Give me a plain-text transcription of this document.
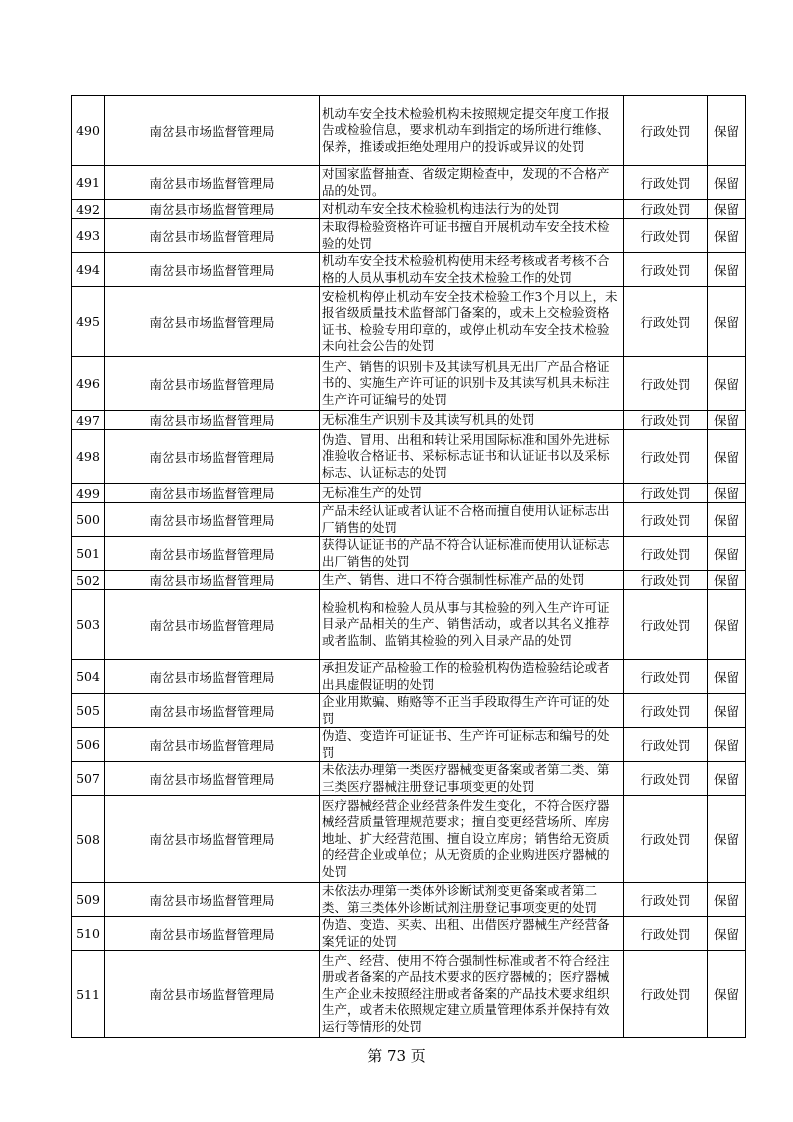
490	南岔县市场监督管理局	机动车安全技术检验机构未按照规定提交年度工作报告或检验信息，要求机动车到指定的场所进行维修、保养，推诿或拒绝处理用户的投诉或异议的处罚	行政处罚	保留
491	南岔县市场监督管理局	对国家监督抽查、省级定期检查中，发现的不合格产品的处罚。	行政处罚	保留
492	南岔县市场监督管理局	对机动车安全技术检验机构违法行为的处罚	行政处罚	保留
493	南岔县市场监督管理局	未取得检验资格许可证书擅自开展机动车安全技术检验的处罚	行政处罚	保留
494	南岔县市场监督管理局	机动车安全技术检验机构使用未经考核或者考核不合格的人员从事机动车安全技术检验工作的处罚	行政处罚	保留
495	南岔县市场监督管理局	安检机构停止机动车安全技术检验工作3个月以上，未报省级质量技术监督部门备案的，或未上交检验资格证书、检验专用印章的，或停止机动车安全技术检验未向社会公告的处罚	行政处罚	保留
496	南岔县市场监督管理局	生产、销售的识别卡及其读写机具无出厂产品合格证书的、实施生产许可证的识别卡及其读写机具未标注生产许可证编号的处罚	行政处罚	保留
497	南岔县市场监督管理局	无标准生产识别卡及其读写机具的处罚	行政处罚	保留
498	南岔县市场监督管理局	伪造、冒用、出租和转让采用国际标准和国外先进标准验收合格证书、采标标志证书和认证证书以及采标标志、认证标志的处罚	行政处罚	保留
499	南岔县市场监督管理局	无标准生产的处罚	行政处罚	保留
500	南岔县市场监督管理局	产品未经认证或者认证不合格而擅自使用认证标志出厂销售的处罚	行政处罚	保留
501	南岔县市场监督管理局	获得认证证书的产品不符合认证标准而使用认证标志出厂销售的处罚	行政处罚	保留
502	南岔县市场监督管理局	生产、销售、进口不符合强制性标准产品的处罚	行政处罚	保留
503	南岔县市场监督管理局	检验机构和检验人员从事与其检验的列入生产许可证目录产品相关的生产、销售活动，或者以其名义推荐或者监制、监销其检验的列入目录产品的处罚	行政处罚	保留
504	南岔县市场监督管理局	承担发证产品检验工作的检验机构伪造检验结论或者出具虚假证明的处罚	行政处罚	保留
505	南岔县市场监督管理局	企业用欺骗、贿赂等不正当手段取得生产许可证的处罚	行政处罚	保留
506	南岔县市场监督管理局	伪造、变造许可证证书、生产许可证标志和编号的处罚	行政处罚	保留
507	南岔县市场监督管理局	未依法办理第一类医疗器械变更备案或者第二类、第三类医疗器械注册登记事项变更的处罚	行政处罚	保留
508	南岔县市场监督管理局	医疗器械经营企业经营条件发生变化，不符合医疗器械经营质量管理规范要求；擅自变更经营场所、库房地址、扩大经营范围、擅自设立库房；销售给无资质的经营企业或单位；从无资质的企业购进医疗器械的处罚	行政处罚	保留
509	南岔县市场监督管理局	未依法办理第一类体外诊断试剂变更备案或者第二类、第三类体外诊断试剂注册登记事项变更的处罚	行政处罚	保留
510	南岔县市场监督管理局	伪造、变造、买卖、出租、出借医疗器械生产经营备案凭证的处罚	行政处罚	保留
511	南岔县市场监督管理局	生产、经营、使用不符合强制性标准或者不符合经注册或者备案的产品技术要求的医疗器械的；医疗器械生产企业未按照经注册或者备案的产品技术要求组织生产，或者未依照规定建立质量管理体系并保持有效运行等情形的处罚	行政处罚	保留
第 73 页
